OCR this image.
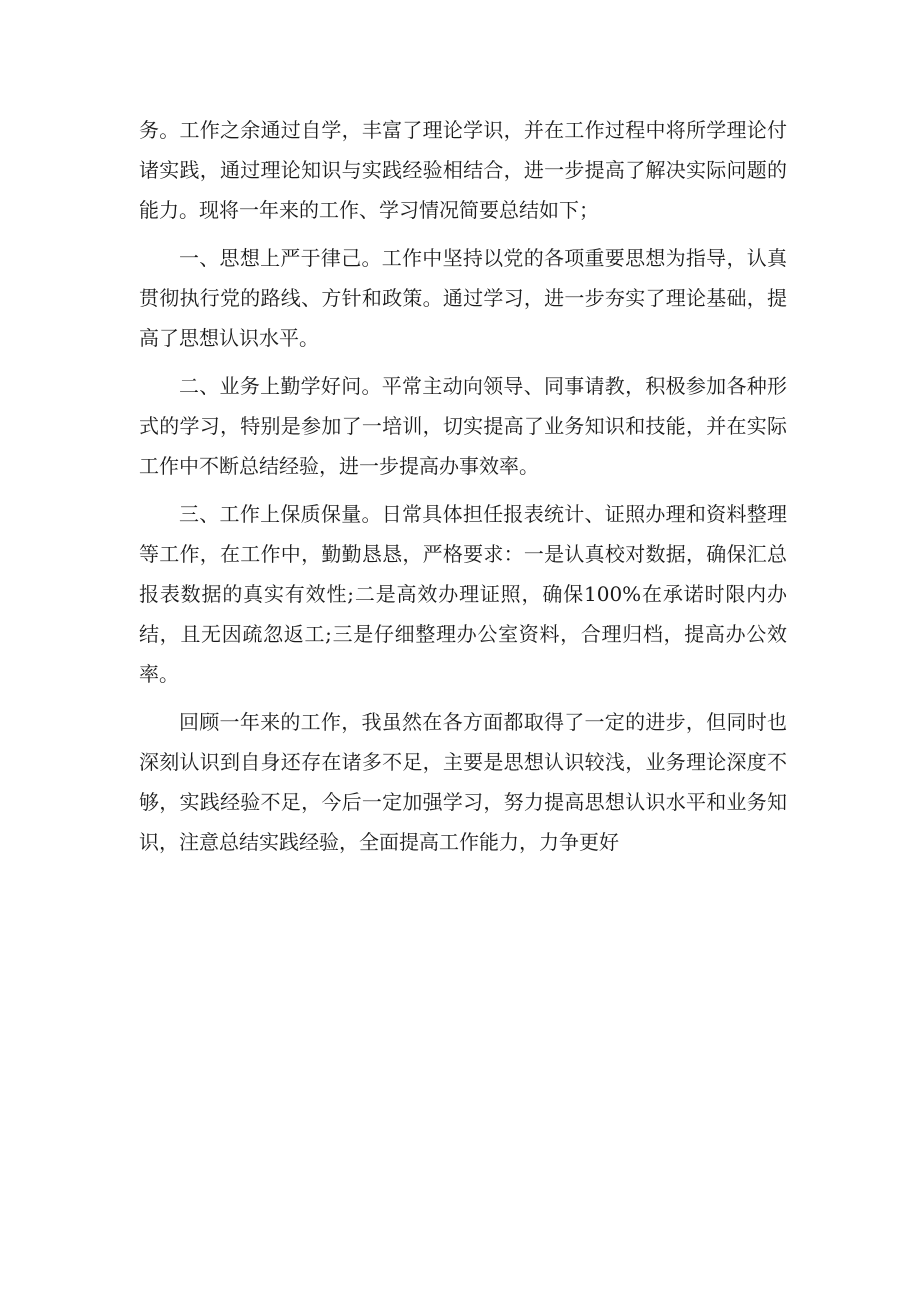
务。工作之余通过自学，丰富了理论学识，并在工作过程中将所学理论付诸实践，通过理论知识与实践经验相结合，进一步提高了解决实际问题的能力。现将一年来的工作、学习情况简要总结如下；

一、思想上严于律己。工作中坚持以党的各项重要思想为指导，认真贯彻执行党的路线、方针和政策。通过学习，进一步夯实了理论基础，提高了思想认识水平。

二、业务上勤学好问。平常主动向领导、同事请教，积极参加各种形式的学习，特别是参加了一培训，切实提高了业务知识和技能，并在实际工作中不断总结经验，进一步提高办事效率。

三、工作上保质保量。日常具体担任报表统计、证照办理和资料整理等工作，在工作中，勤勤恳恳，严格要求：一是认真校对数据，确保汇总报表数据的真实有效性;二是高效办理证照，确保100%在承诺时限内办结，且无因疏忽返工;三是仔细整理办公室资料，合理归档，提高办公效率。

回顾一年来的工作，我虽然在各方面都取得了一定的进步，但同时也深刻认识到自身还存在诸多不足，主要是思想认识较浅，业务理论深度不够，实践经验不足，今后一定加强学习，努力提高思想认识水平和业务知识，注意总结实践经验，全面提高工作能力，力争更好
